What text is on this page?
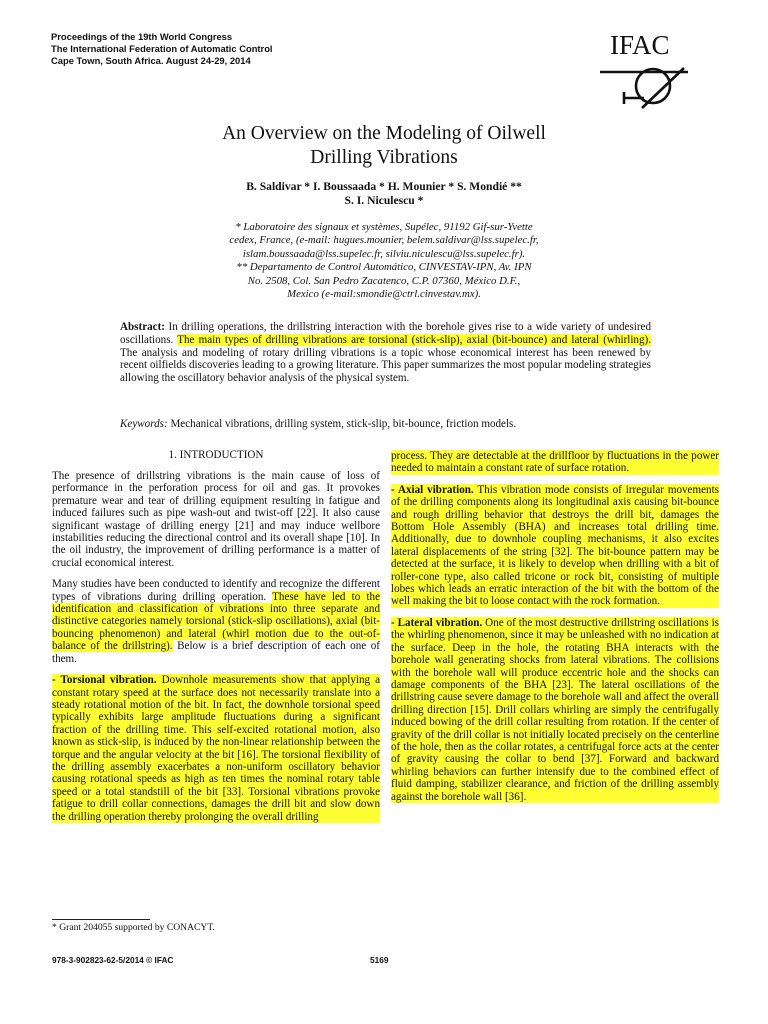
Proceedings of the 19th World Congress
The International Federation of Automatic Control
Cape Town, South Africa. August 24-29, 2014
IFAC
An Overview on the Modeling of Oilwell
Drilling Vibrations
B. Saldivar * I. Boussaada * H. Mounier * S. Mondié **
S. I. Niculescu *
* Laboratoire des signaux et systèmes, Supélec, 91192 Gif-sur-Yvette
cedex, France, (e-mail: hugues.mounier, belem.saldivar@lss.supelec.fr,
islam.boussaada@lss.supelec.fr, silviu.niculescu@lss.supelec.fr).
** Departamento de Control Automático, CINVESTAV-IPN, Av. IPN
No. 2508, Col. San Pedro Zacatenco, C.P. 07360, México D.F.,
Mexico (e-mail:smondie@ctrl.cinvestav.mx).
Abstract: In drilling operations, the drillstring interaction with the borehole gives rise to a wide variety of undesired oscillations. The main types of drilling vibrations are torsional (stick-slip), axial (bit-bounce) and lateral (whirling). The analysis and modeling of rotary drilling vibrations is a topic whose economical interest has been renewed by recent oilfields discoveries leading to a growing literature. This paper summarizes the most popular modeling strategies allowing the oscillatory behavior analysis of the physical system.
Keywords: Mechanical vibrations, drilling system, stick-slip, bit-bounce, friction models.
1. INTRODUCTION

The presence of drillstring vibrations is the main cause of loss of performance in the perforation process for oil and gas. It provokes premature wear and tear of drilling equipment resulting in fatigue and induced failures such as pipe wash-out and twist-off [22]. It also cause significant wastage of drilling energy [21] and may induce wellbore instabilities reducing the directional control and its overall shape [10]. In the oil industry, the improvement of drilling performance is a matter of crucial economical interest.

Many studies have been conducted to identify and recognize the different types of vibrations during drilling operation. These have led to the identification and classification of vibrations into three separate and distinctive categories namely torsional (stick-slip oscillations), axial (bit-bouncing phenomenon) and lateral (whirl motion due to the out-of-balance of the drillstring). Below is a brief description of each one of them.

- Torsional vibration. Downhole measurements show that applying a constant rotary speed at the surface does not necessarily translate into a steady rotational motion of the bit. In fact, the downhole torsional speed typically exhibits large amplitude fluctuations during a significant fraction of the drilling time. This self-excited rotational motion, also known as stick-slip, is induced by the non-linear relationship between the torque and the angular velocity at the bit [16]. The torsional flexibility of the drilling assembly exacerbates a non-uniform oscillatory behavior causing rotational speeds as high as ten times the nominal rotary table speed or a total standstill of the bit [33]. Torsional vibrations provoke fatigue to drill collar connections, damages the drill bit and slow down the drilling operation thereby prolonging the overall drilling

process. They are detectable at the drillfloor by fluctuations in the power needed to maintain a constant rate of surface rotation.

- Axial vibration. This vibration mode consists of irregular movements of the drilling components along its longitudinal axis causing bit-bounce and rough drilling behavior that destroys the drill bit, damages the Bottom Hole Assembly (BHA) and increases total drilling time. Additionally, due to downhole coupling mechanisms, it also excites lateral displacements of the string [32]. The bit-bounce pattern may be detected at the surface, it is likely to develop when drilling with a bit of roller-cone type, also called tricone or rock bit, consisting of multiple lobes which leads an erratic interaction of the bit with the bottom of the well making the bit to loose contact with the rock formation.

- Lateral vibration. One of the most destructive drillstring oscillations is the whirling phenomenon, since it may be unleashed with no indication at the surface. Deep in the hole, the rotating BHA interacts with the borehole wall generating shocks from lateral vibrations. The collisions with the borehole wall will produce eccentric hole and the shocks can damage components of the BHA [23]. The lateral oscillations of the drillstring cause severe damage to the borehole wall and affect the overall drilling direction [15]. Drill collars whirling are simply the centrifugally induced bowing of the drill collar resulting from rotation. If the center of gravity of the drill collar is not initially located precisely on the centerline of the hole, then as the collar rotates, a centrifugal force acts at the center of gravity causing the collar to bend [37]. Forward and backward whirling behaviors can further intensify due to the combined effect of fluid damping, stabilizer clearance, and friction of the drilling assembly against the borehole wall [36].

* Grant 204055 supported by CONACYT.
978-3-902823-62-5/2014 © IFAC	5169
